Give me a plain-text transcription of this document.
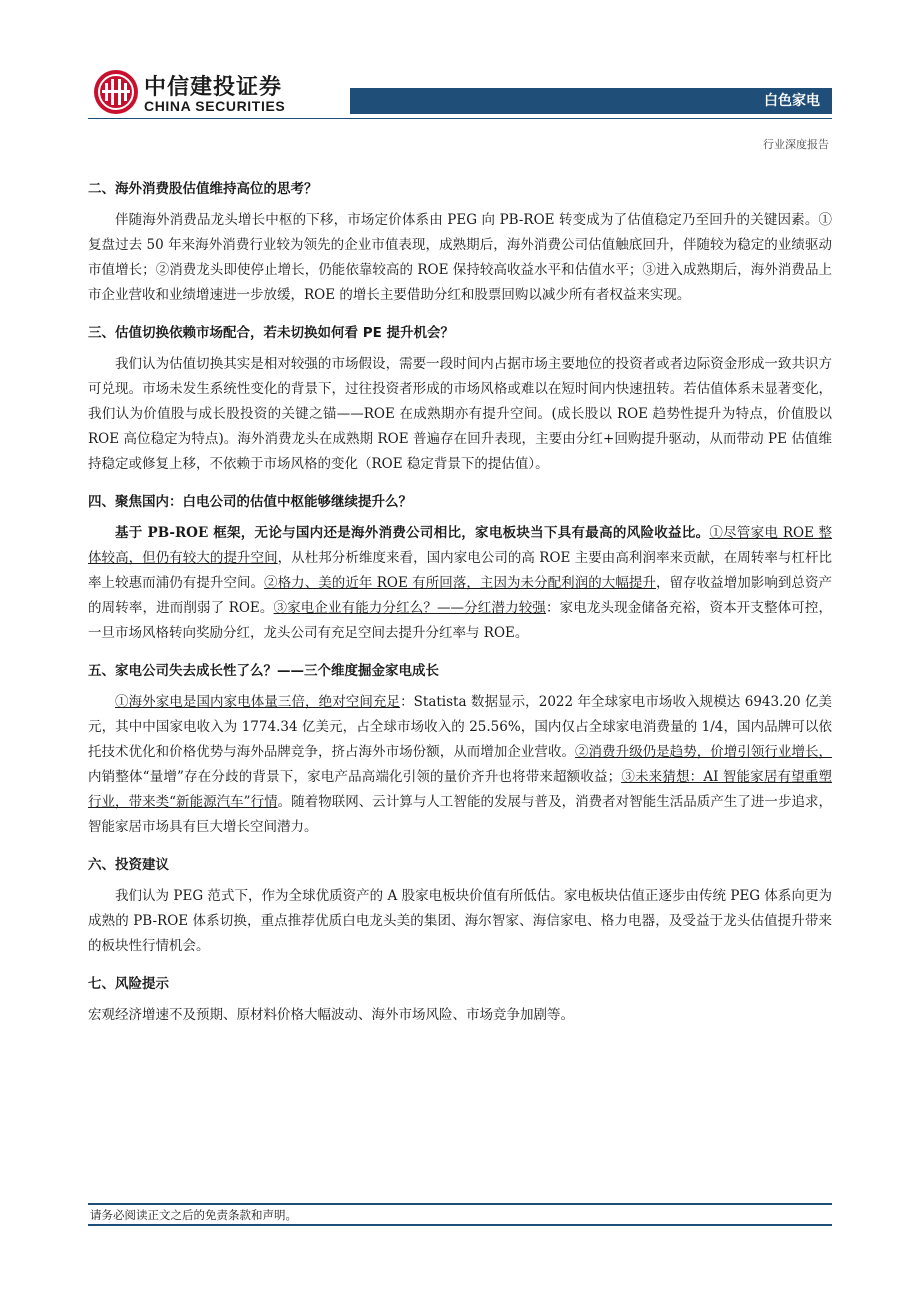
中信建投证券
CHINA SECURITIES	白色家电
行业深度报告
二、海外消费股估值维持高位的思考？

伴随海外消费品龙头增长中枢的下移，市场定价体系由 PEG 向 PB-ROE 转变成为了估值稳定乃至回升的关键因素。①复盘过去 50 年来海外消费行业较为领先的企业市值表现，成熟期后，海外消费公司估值触底回升，伴随较为稳定的业绩驱动市值增长；②消费龙头即使停止增长，仍能依靠较高的 ROE 保持较高收益水平和估值水平；③进入成熟期后，海外消费品上市企业营收和业绩增速进一步放缓，ROE 的增长主要借助分红和股票回购以减少所有者权益来实现。

三、估值切换依赖市场配合，若未切换如何看 PE 提升机会？

我们认为估值切换其实是相对较强的市场假设，需要一段时间内占据市场主要地位的投资者或者边际资金形成一致共识方可兑现。市场未发生系统性变化的背景下，过往投资者形成的市场风格或难以在短时间内快速扭转。若估值体系未显著变化，我们认为价值股与成长股投资的关键之锚——ROE 在成熟期亦有提升空间。(成长股以 ROE 趋势性提升为特点，价值股以 ROE 高位稳定为特点)。海外消费龙头在成熟期 ROE 普遍存在回升表现，主要由分红+回购提升驱动，从而带动 PE 估值维持稳定或修复上移，不依赖于市场风格的变化（ROE 稳定背景下的提估值）。

四、聚焦国内：白电公司的估值中枢能够继续提升么？

基于 PB-ROE 框架，无论与国内还是海外消费公司相比，家电板块当下具有最高的风险收益比。①尽管家电 ROE 整体较高，但仍有较大的提升空间，从杜邦分析维度来看，国内家电公司的高 ROE 主要由高利润率来贡献，在周转率与杠杆比率上较惠而浦仍有提升空间。②格力、美的近年 ROE 有所回落，主因为未分配利润的大幅提升，留存收益增加影响到总资产的周转率，进而削弱了 ROE。③家电企业有能力分红么？——分红潜力较强：家电龙头现金储备充裕，资本开支整体可控，一旦市场风格转向奖励分红，龙头公司有充足空间去提升分红率与 ROE。

五、家电公司失去成长性了么？——三个维度掘金家电成长

①海外家电是国内家电体量三倍，绝对空间充足：Statista 数据显示，2022 年全球家电市场收入规模达 6943.20 亿美元，其中中国家电收入为 1774.34 亿美元，占全球市场收入的 25.56%，国内仅占全球家电消费量的 1/4，国内品牌可以依托技术优化和价格优势与海外品牌竞争，挤占海外市场份额，从而增加企业营收。②消费升级仍是趋势，价增引领行业增长，内销整体“量增”存在分歧的背景下，家电产品高端化引领的量价齐升也将带来超额收益；③未来猜想：AI 智能家居有望重塑行业，带来类“新能源汽车”行情。随着物联网、云计算与人工智能的发展与普及，消费者对智能生活品质产生了进一步追求，智能家居市场具有巨大增长空间潜力。

六、投资建议

我们认为 PEG 范式下，作为全球优质资产的 A 股家电板块价值有所低估。家电板块估值正逐步由传统 PEG 体系向更为成熟的 PB-ROE 体系切换，重点推荐优质白电龙头美的集团、海尔智家、海信家电、格力电器，及受益于龙头估值提升带来的板块性行情机会。

七、风险提示

宏观经济增速不及预期、原材料价格大幅波动、海外市场风险、市场竞争加剧等。

请务必阅读正文之后的免责条款和声明。
